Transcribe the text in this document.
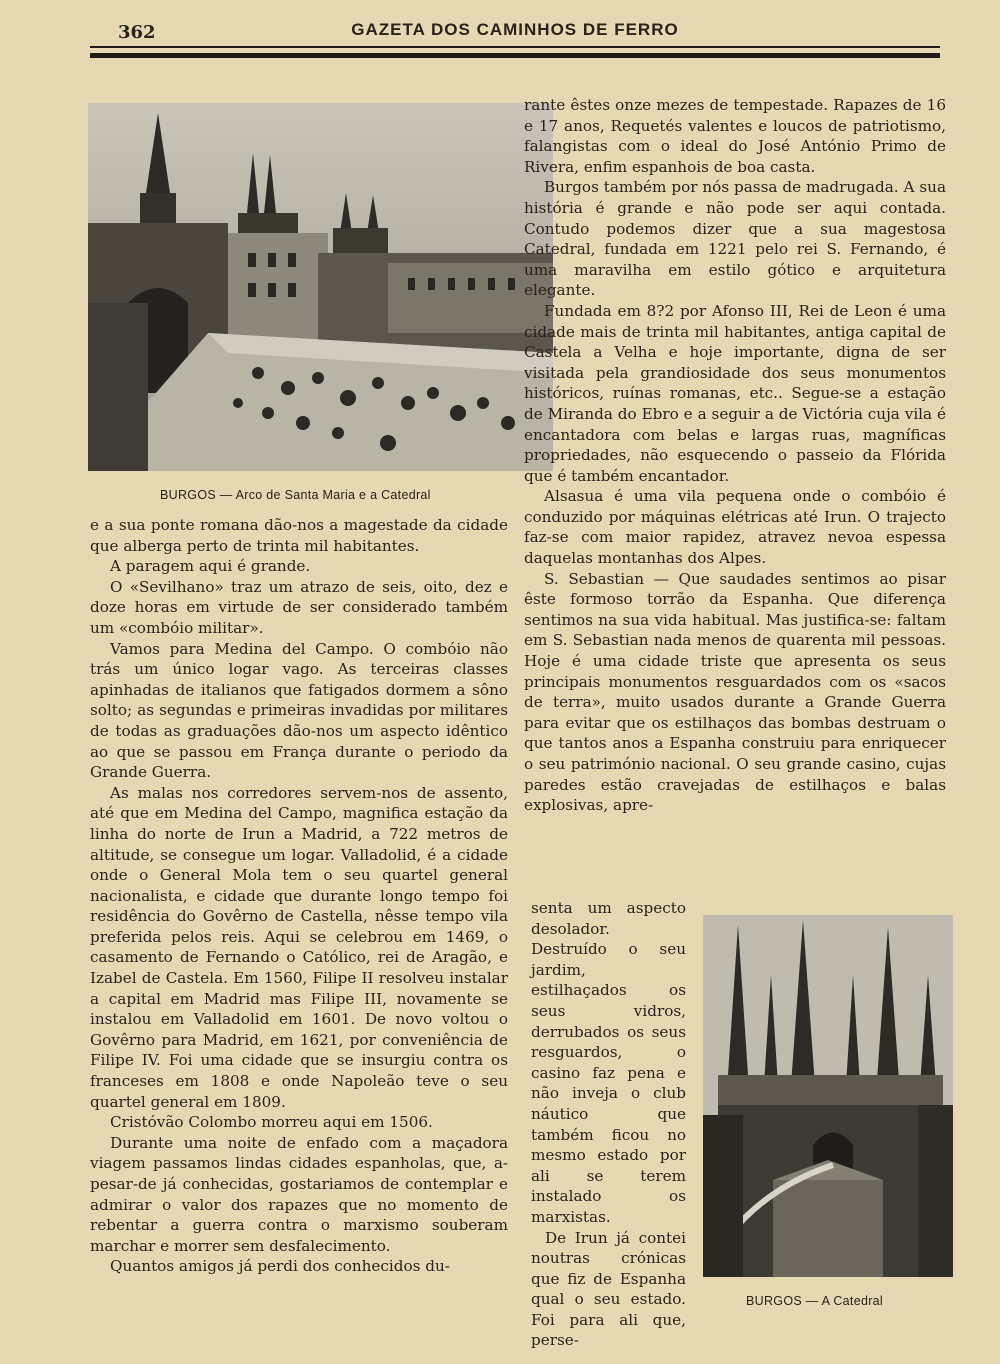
362	GAZETA DOS CAMINHOS DE FERRO
BURGOS — Arco de Santa Maria e a Catedral

e a sua ponte romana dão-nos a magestade da cidade que alberga perto de trinta mil habitantes.

A paragem aqui é grande.

O «Sevilhano» traz um atrazo de seis, oito, dez e doze horas em virtude de ser considerado também um «combóio militar».

Vamos para Medina del Campo. O combóio não trás um único logar vago. As terceiras classes apinhadas de italianos que fatigados dormem a sôno solto; as segundas e primeiras invadidas por militares de todas as graduações dão-nos um aspecto idêntico ao que se passou em França durante o periodo da Grande Guerra.

As malas nos corredores servem-nos de assento, até que em Medina del Campo, magnifica estação da linha do norte de Irun a Madrid, a 722 metros de altitude, se consegue um logar. Valladolid, é a cidade onde o General Mola tem o seu quartel general nacionalista, e cidade que durante longo tempo foi residência do Govêrno de Castella, nêsse tempo vila preferida pelos reis. Aqui se celebrou em 1469, o casamento de Fernando o Católico, rei de Aragão, e Izabel de Castela. Em 1560, Filipe II resolveu instalar a capital em Madrid mas Filipe III, novamente se instalou em Valladolid em 1601. De novo voltou o Govêrno para Madrid, em 1621, por conveniência de Filipe IV. Foi uma cidade que se insurgiu contra os franceses em 1808 e onde Napoleão teve o seu quartel general em 1809.

Cristóvão Colombo morreu aqui em 1506.

Durante uma noite de enfado com a maçadora viagem passamos lindas cidades espanholas, que, a-pesar-de já conhecidas, gostariamos de contemplar e admirar o valor dos rapazes que no momento de rebentar a guerra contra o marxismo souberam marchar e morrer sem desfalecimento.

Quantos amigos já perdi dos conhecidos du-

rante êstes onze mezes de tempestade. Rapazes de 16 e 17 anos, Requetés valentes e loucos de patriotismo, falangistas com o ideal do José António Primo de Rivera, enfim espanhois de boa casta.

Burgos também por nós passa de madrugada. A sua história é grande e não pode ser aqui contada. Contudo podemos dizer que a sua magestosa Catedral, fundada em 1221 pelo rei S. Fernando, é uma maravilha em estilo gótico e arquitetura elegante.

Fundada em 8?2 por Afonso III, Rei de Leon é uma cidade mais de trinta mil habitantes, antiga capital de Castela a Velha e hoje importante, digna de ser visitada pela grandiosidade dos seus monumentos históricos, ruínas romanas, etc.. Segue-se a estação de Miranda do Ebro e a seguir a de Victória cuja vila é encantadora com belas e largas ruas, magníficas propriedades, não esquecendo o passeio da Flórida que é também encantador.

Alsasua é uma vila pequena onde o combóio é conduzido por máquinas elétricas até Irun. O trajecto faz-se com maior rapidez, atravez nevoa espessa daquelas montanhas dos Alpes.

S. Sebastian — Que saudades sentimos ao pisar êste formoso torrão da Espanha. Que diferença sentimos na sua vida habitual. Mas justifica-se: faltam em S. Sebastian nada menos de quarenta mil pessoas. Hoje é uma cidade triste que apresenta os seus principais monumentos resguardados com os «sacos de terra», muito usados durante a Grande Guerra para evitar que os estilhaços das bombas destruam o que tantos anos a Espanha construiu para enriquecer o seu património nacional. O seu grande casino, cujas paredes estão cravejadas de estilhaços e balas explosivas, apre-

senta um aspecto desolador. Destruído o seu jardim, estilhaçados os seus vidros, derrubados os seus resguardos, o casino faz pena e não inveja o club náutico que também ficou no mesmo estado por ali se terem instalado os marxistas.

De Irun já contei noutras crónicas que fiz de Espanha qual o seu estado. Foi para ali que, perse-

BURGOS — A Catedral
